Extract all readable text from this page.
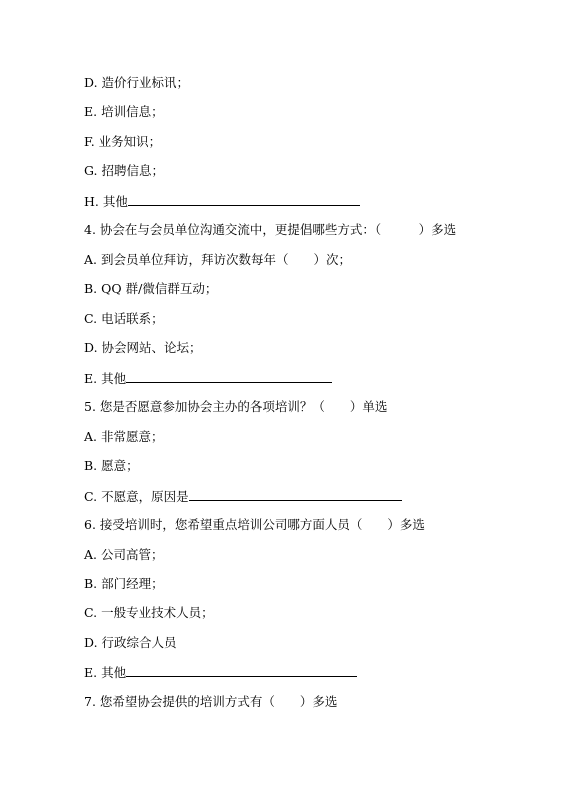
D. 造价行业标讯；
E. 培训信息；
F. 业务知识；
G. 招聘信息；
H. 其他
4. 协会在与会员单位沟通交流中，更提倡哪些方式：（　　　）多选
A. 到会员单位拜访，拜访次数每年（　　）次；
B. QQ 群/微信群互动；
C. 电话联系；
D. 协会网站、论坛；
E. 其他
5. 您是否愿意参加协会主办的各项培训？（　　）单选
A. 非常愿意；
B. 愿意；
C. 不愿意，原因是
6. 接受培训时，您希望重点培训公司哪方面人员（　　）多选
A. 公司高管；
B. 部门经理；
C. 一般专业技术人员；
D. 行政综合人员
E. 其他
7. 您希望协会提供的培训方式有（　　）多选
